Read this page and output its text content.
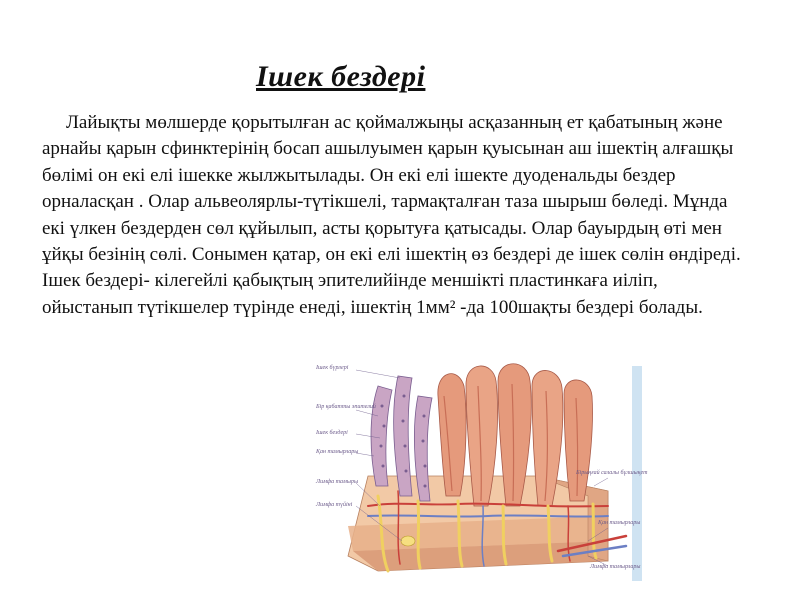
Ішек бездері

Лайықты мөлшерде қорытылған ас қоймалжыңы асқазанның ет қабатының және арнайы қарын сфинктерінің босап ашылуымен қарын қуысынан аш ішектің алғашқы бөлімі он екі елі ішекке жылжытылады. Он екі елі ішекте дуоденальды бездер орналасқан . Олар альвеолярлы-түтікшелі, тармақталған таза шырыш бөледі. Мұнда екі үлкен бездерден сөл құйылып, асты қорытуға қатысады. Олар бауырдың өті мен ұйқы безінің сөлі. Сонымен қатар, он екі елі ішектің өз бездері де ішек сөлін өндіреді. Ішек бездері- кілегейлі қабықтың эпителийінде меншікті пластинкаға иіліп, ойыстанып түтікшелер түрінде енеді, ішектің 1мм² -да 100шақты бездері болады.

Ішек бүрлері
Бір қабатты эпителий
Ішек бездері
Қан тамырлары
Лимфа тамыры
Лимфа түйіні
Бірыңғай салалы бұлшықет
Қан тамырлары
Лимфа тамырлары
